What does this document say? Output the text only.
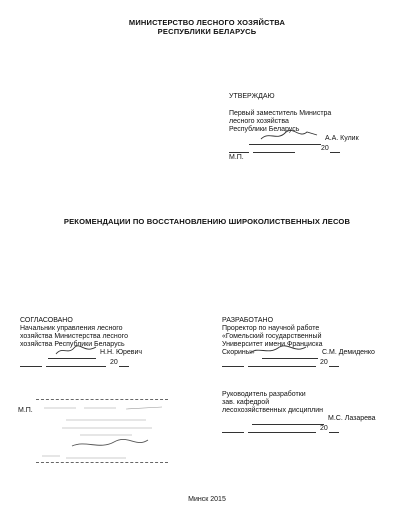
МИНИСТЕРСТВО ЛЕСНОГО ХОЗЯЙСТВА
РЕСПУБЛИКИ БЕЛАРУСЬ
УТВЕРЖДАЮ
Первый заместитель Министра
лесного хозяйства
Республики Беларусь
А.А. Кулик
20
М.П.
РЕКОМЕНДАЦИИ ПО ВОССТАНОВЛЕНИЮ ШИРОКОЛИСТВЕННЫХ ЛЕСОВ
СОГЛАСОВАНО
Начальник управления лесного
хозяйства Министерства лесного
хозяйства Республики Беларусь
Н.Н. Юревич
20
М.П.
РАЗРАБОТАНО
Проректор по научной работе
«Гомельский государственный
Университет имени Франциска
Скорины»	С.М. Демиденко
20
Руководитель разработки
зав. кафедрой
лесохозяйственных дисциплин
М.С. Лазарева
20
Минск 2015
